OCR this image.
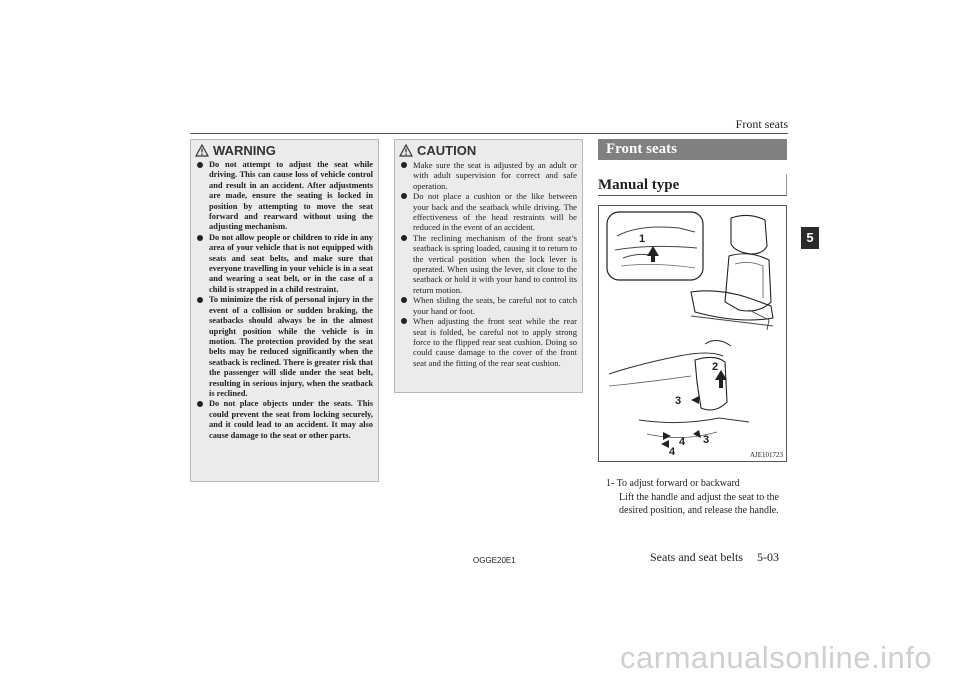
Front seats
5
WARNING
Do not attempt to adjust the seat while driving. This can cause loss of vehicle control and result in an accident. After adjustments are made, ensure the seating is locked in position by attempting to move the seat forward and rearward without using the adjusting mechanism.
Do not allow people or children to ride in any area of your vehicle that is not equipped with seats and seat belts, and make sure that everyone travelling in your vehicle is in a seat and wearing a seat belt, or in the case of a child is strapped in a child restraint.
To minimize the risk of personal injury in the event of a collision or sudden braking, the seatbacks should always be in the almost upright position while the vehicle is in motion. The protection provided by the seat belts may be reduced significantly when the seatback is reclined. There is greater risk that the passenger will slide under the seat belt, resulting in serious injury, when the seatback is reclined.
Do not place objects under the seats. This could prevent the seat from locking securely, and it could lead to an accident. It may also cause damage to the seat or other parts.
CAUTION
Make sure the seat is adjusted by an adult or with adult supervision for correct and safe operation.
Do not place a cushion or the like between your back and the seatback while driving. The effectiveness of the head restraints will be reduced in the event of an accident.
The reclining mechanism of the front seat’s seatback is spring loaded, causing it to return to the vertical position when the lock lever is operated. When using the lever, sit close to the seatback or hold it with your hand to control its return motion.
When sliding the seats, be careful not to catch your hand or foot.
When adjusting the front seat while the rear seat is folded, be careful not to apply strong force to the flipped rear seat cushion. Doing so could cause damage to the cover of the front seat and the fitting of the rear seat cushion.
Front seats
Manual type
1
2
3
3
4
4	AJE101723
1- To adjust forward or backward
Lift the handle and adjust the seat to the desired position, and release the handle.
OGGE20E1	Seats and seat belts 5-03
carmanualsonline.info
